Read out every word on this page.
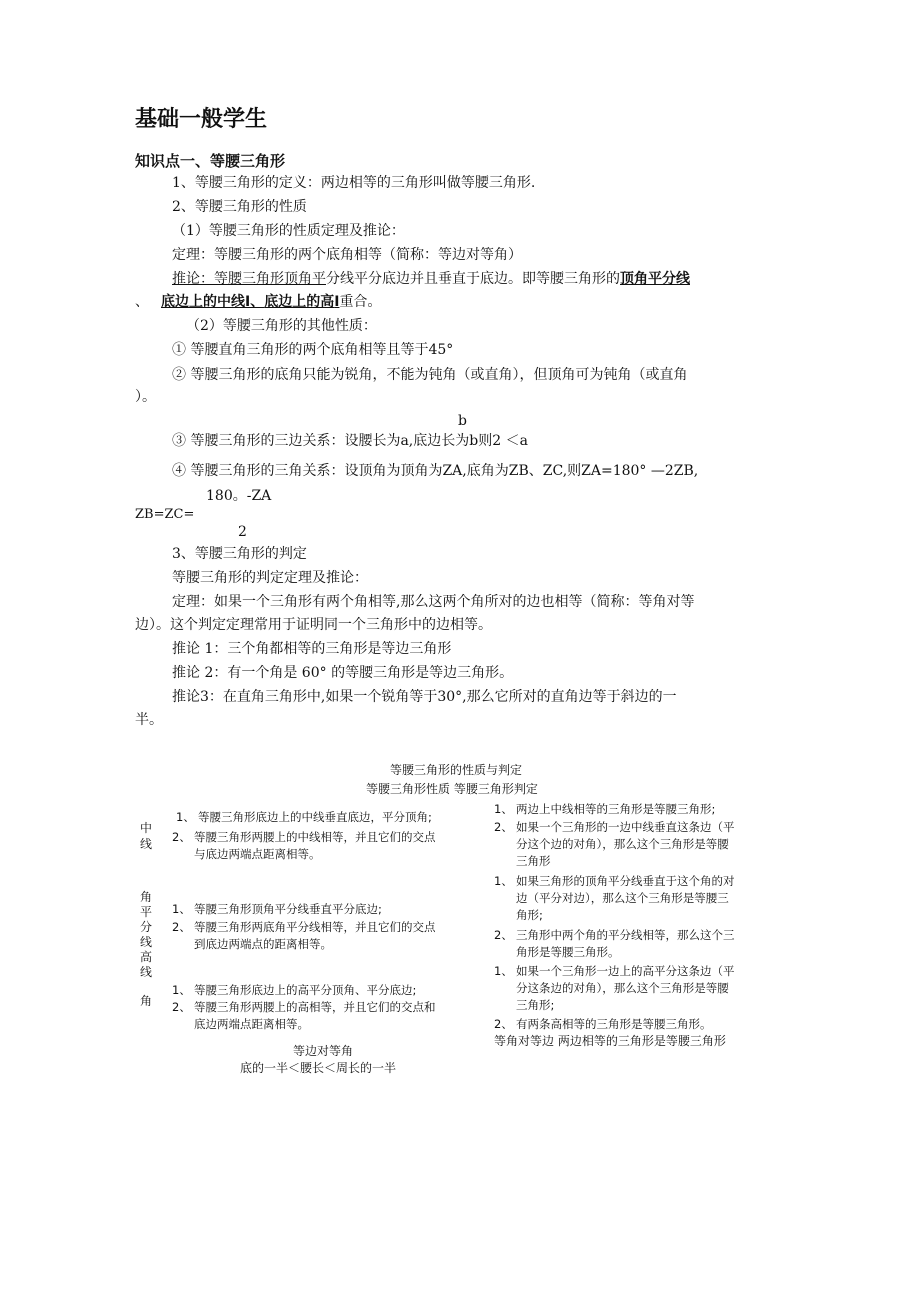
基础一般学生
知识点一、等腰三角形
1、等腰三角形的定义：两边相等的三角形叫做等腰三角形.
2、等腰三角形的性质
（1）等腰三角形的性质定理及推论：
定理：等腰三角形的两个底角相等（简称：等边对等角）
推论：等腰三角形顶角平分线平分底边并且垂直于底边。即等腰三角形的顶角平分线
、 底边上的中线I、底边上的高I重合。
（2）等腰三角形的其他性质：
① 等腰直角三角形的两个底角相等且等于45°
② 等腰三角形的底角只能为锐角，不能为钝角（或直角），但顶角可为钝角（或直角
）。
b
③ 等腰三角形的三边关系：设腰长为a,底边长为b则2 ＜a
④ 等腰三角形的三角关系：设顶角为顶角为ZA,底角为ZB、ZC,则ZA=180° —2ZB,
180。-ZA
ZB=ZC=
2
3、等腰三角形的判定
等腰三角形的判定定理及推论：
定理：如果一个三角形有两个角相等,那么这两个角所对的边也相等（简称：等角对等
边）。这个判定定理常用于证明同一个三角形中的边相等。
推论 1：三个角都相等的三角形是等边三角形
推论 2：有一个角是 60° 的等腰三角形是等边三角形。
推论3：在直角三角形中,如果一个锐角等于30°,那么它所对的直角边等于斜边的一
半。
等腰三角形的性质与判定
等腰三角形性质 等腰三角形判定
中线
角平分线
高线
角
1、 等腰三角形底边上的中线垂直底边，平分顶角;
2、 等腰三角形两腰上的中线相等，并且它们的交点
与底边两端点距离相等。
1、 等腰三角形顶角平分线垂直平分底边;
2、 等腰三角形两底角平分线相等，并且它们的交点
到底边两端点的距离相等。
1、 等腰三角形底边上的高平分顶角、平分底边;
2、 等腰三角形两腰上的高相等，并且它们的交点和
底边两端点距离相等。
1、 两边上中线相等的三角形是等腰三角形;
2、 如果一个三角形的一边中线垂直这条边（平
分这个边的对角），那么这个三角形是等腰
三角形
1、 如果三角形的顶角平分线垂直于这个角的对
边（平分对边），那么这个三角形是等腰三
角形;
2、 三角形中两个角的平分线相等，那么这个三
角形是等腰三角形。
1、 如果一个三角形一边上的高平分这条边（平
分这条边的对角），那么这个三角形是等腰
三角形;
2、 有两条高相等的三角形是等腰三角形。
等边对等角
底的一半＜腰长＜周长的一半
等角对等边 两边相等的三角形是等腰三角形
